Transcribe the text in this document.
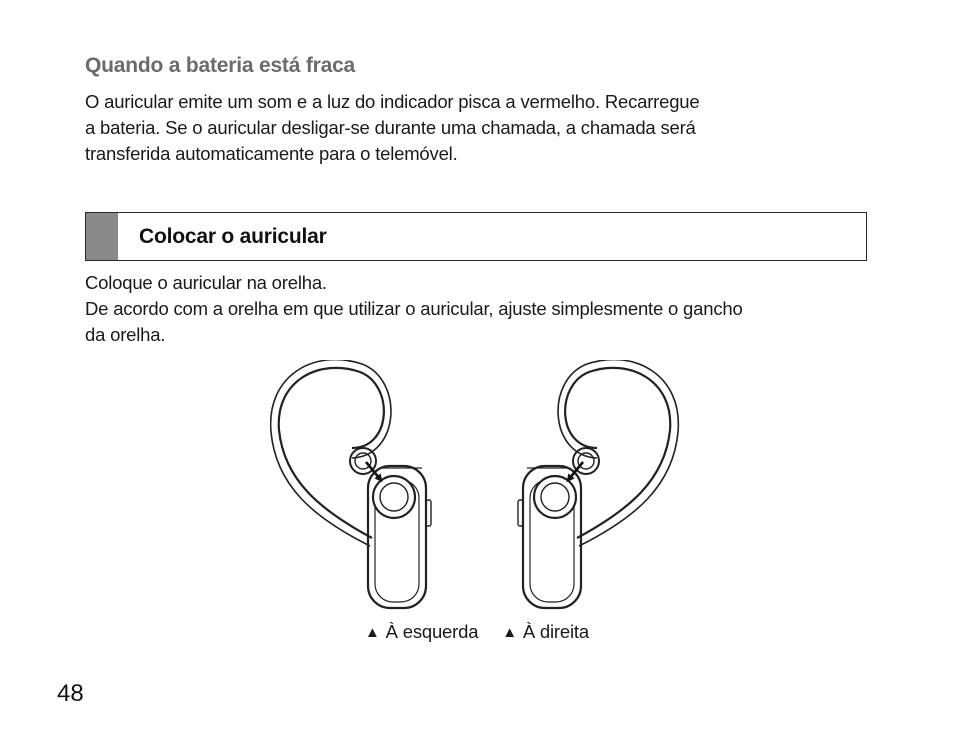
Quando a bateria está fraca

O auricular emite um som e a luz do indicador pisca a vermelho. Recarregue
a bateria. Se o auricular desligar-se durante uma chamada, a chamada será
transferida automaticamente para o telemóvel.

Colocar o auricular

Coloque o auricular na orelha.
De acordo com a orelha em que utilizar o auricular, ajuste simplesmente o gancho
da orelha.

▲ À esquerda ▲ À direita
48
